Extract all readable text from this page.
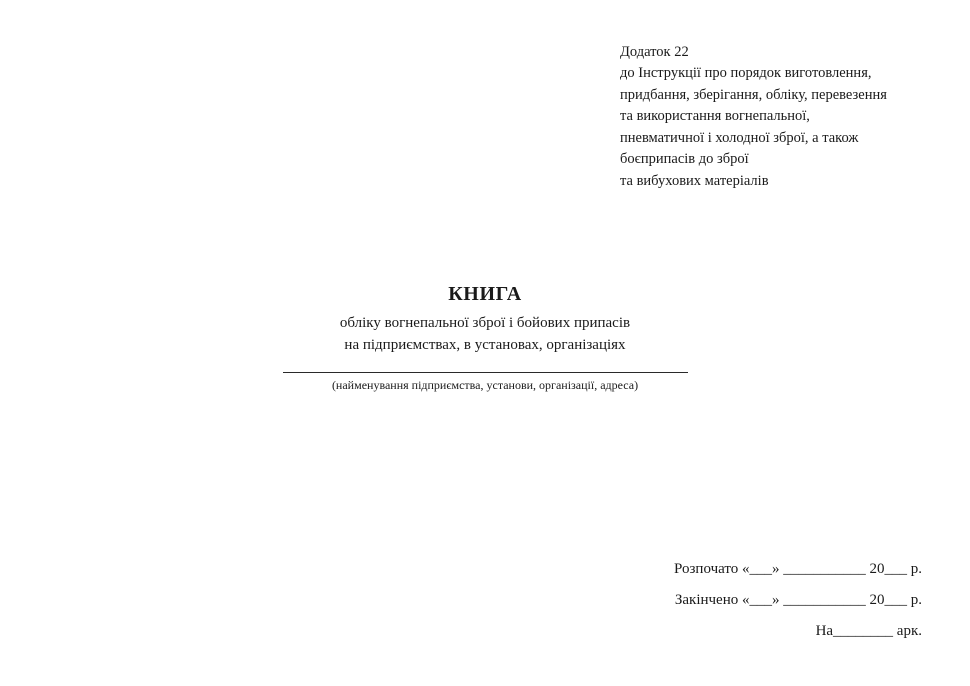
Додаток 22
до Інструкції про порядок виготовлення,
придбання, зберігання, обліку, перевезення
та використання вогнепальної,
пневматичної і холодної зброї, а також
боєприпасів до зброї
та вибухових матеріалів
КНИГА
обліку вогнепальної зброї і бойових припасів
на підприємствах, в установах, організаціях
(найменування підприємства, установи, організації, адреса)
Розпочато «___» ___________ 20___ р.
Закінчено «___» ___________ 20___ р.
На________ арк.
